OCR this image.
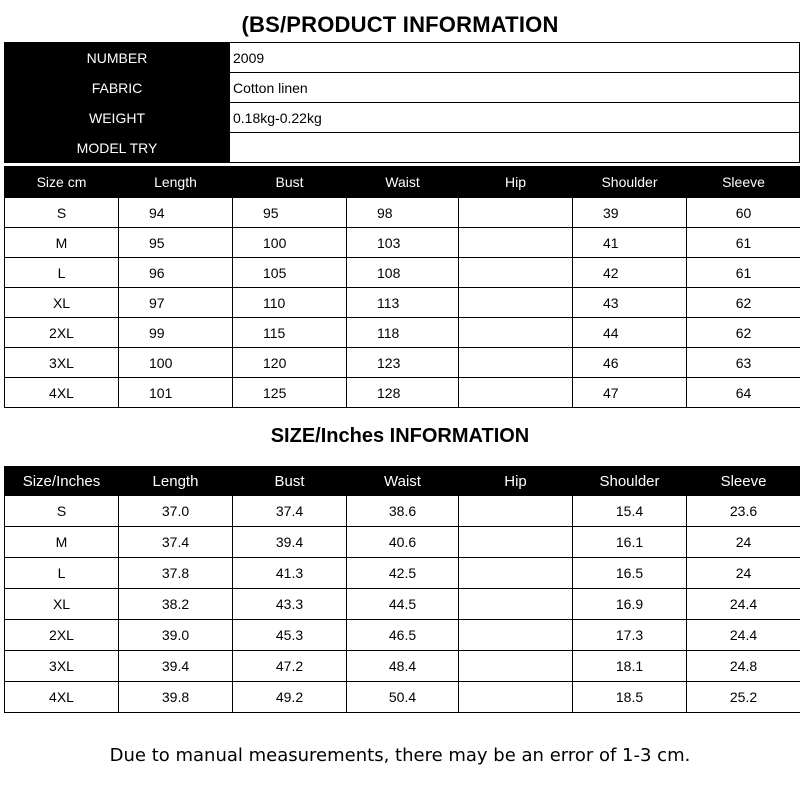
(BS/PRODUCT INFORMATION
NUMBER	2009
FABRIC	Cotton linen
WEIGHT	0.18kg-0.22kg
MODEL TRY	
Size cm	Length	Bust	Waist	Hip	Shoulder	Sleeve
S	94	95	98		39	60
M	95	100	103		41	61
L	96	105	108		42	61
XL	97	110	113		43	62
2XL	99	115	118		44	62
3XL	100	120	123		46	63
4XL	101	125	128		47	64
SIZE/Inches INFORMATION
Size/Inches	Length	Bust	Waist	Hip	Shoulder	Sleeve
S	37.0	37.4	38.6		15.4	23.6
M	37.4	39.4	40.6		16.1	24
L	37.8	41.3	42.5		16.5	24
XL	38.2	43.3	44.5		16.9	24.4
2XL	39.0	45.3	46.5		17.3	24.4
3XL	39.4	47.2	48.4		18.1	24.8
4XL	39.8	49.2	50.4		18.5	25.2
Due to manual measurements, there may be an error of 1-3 cm.
